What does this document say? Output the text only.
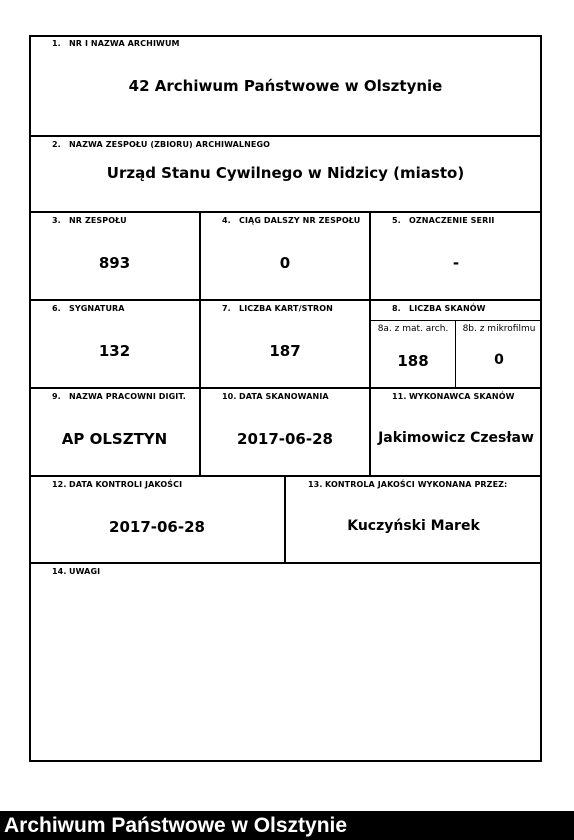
1. NR I NAZWA ARCHIWUM
42 Archiwum Państwowe w Olsztynie
2. NAZWA ZESPOŁU (ZBIORU) ARCHIWALNEGO
Urząd Stanu Cywilnego w Nidzicy (miasto)
3. NR ZESPOŁU
893
4. CIĄG DALSZY NR ZESPOŁU
0
5. OZNACZENIE SERII
-
6. SYGNATURA
132
7. LICZBA KART/STRON
187
8. LICZBA SKANÓW
8a. z mat. arch.	8b. z mikrofilmu
188	0
9. NAZWA PRACOWNI DIGIT.
AP OLSZTYN
10. DATA SKANOWANIA
2017-06-28
11. WYKONAWCA SKANÓW
Jakimowicz Czesław
12. DATA KONTROLI JAKOŚCI
2017-06-28
13. KONTROLA JAKOŚCI WYKONANA PRZEZ:
Kuczyński Marek
14. UWAGI
Archiwum Państwowe w Olsztynie
